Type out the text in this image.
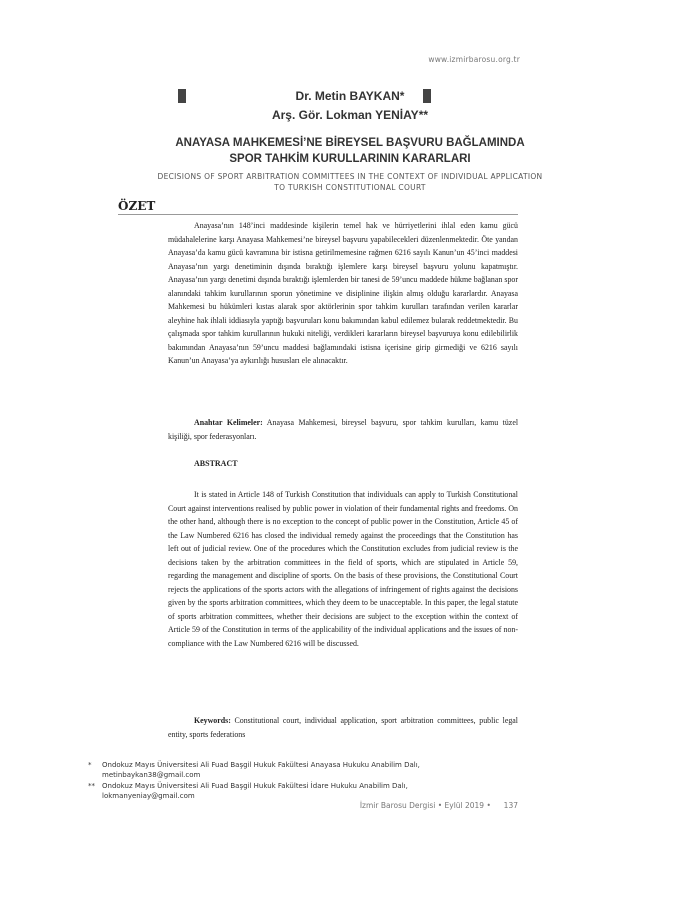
www.izmirbarosu.org.tr
Dr. Metin BAYKAN*
Arş. Gör. Lokman YENİAY**
ANAYASA MAHKEMESİ’NE BİREYSEL BAŞVURU BAĞLAMINDA
SPOR TAHKİM KURULLARININ KARARLARI
DECISIONS OF SPORT ARBITRATION COMMITTEES IN THE CONTEXT OF INDIVIDUAL APPLICATION
TO TURKISH CONSTITUTIONAL COURT
ÖZET

Anayasa’nın 148’inci maddesinde kişilerin temel hak ve hürriyetlerini ihlal eden kamu gücü müdahalelerine karşı Anayasa Mahkemesi’ne bireysel başvuru yapabilecekleri düzenlenmektedir. Öte yandan Anayasa’da kamu gücü kavramına bir istisna getirilmemesine rağmen 6216 sayılı Kanun’un 45’inci maddesi Anayasa’nın yargı denetiminin dışında bıraktığı işlemlere karşı bireysel başvuru yolunu kapatmıştır. Anayasa’nın yargı denetimi dışında bıraktığı işlemlerden bir tanesi de 59’uncu maddede hükme bağlanan spor alanındaki tahkim kurullarının sporun yönetimine ve disiplinine ilişkin almış olduğu kararlardır. Anayasa Mahkemesi bu hükümleri kıstas alarak spor aktörlerinin spor tahkim kurulları tarafından verilen kararlar aleyhine hak ihlali iddiasıyla yaptığı başvuruları konu bakımından kabul edilemez bularak reddetmektedir. Bu çalışmada spor tahkim kurullarının hukuki niteliği, verdikleri kararların bireysel başvuruya konu edilebilirlik bakımından Anayasa’nın 59’uncu maddesi bağlamındaki istisna içerisine girip girmediği ve 6216 sayılı Kanun’un Anayasa’ya aykırılığı hususları ele alınacaktır.

Anahtar Kelimeler: Anayasa Mahkemesi, bireysel başvuru, spor tahkim kurulları, kamu tüzel kişiliği, spor federasyonları.

ABSTRACT

It is stated in Article 148 of Turkish Constitution that individuals can apply to Turkish Constitutional Court against interventions realised by public power in violation of their fundamental rights and freedoms. On the other hand, although there is no exception to the concept of public power in the Constitution, Article 45 of the Law Numbered 6216 has closed the individual remedy against the proceedings that the Constitution has left out of judicial review. One of the procedures which the Constitution excludes from judicial review is the decisions taken by the arbitration committees in the field of sports, which are stipulated in Article 59, regarding the management and discipline of sports. On the basis of these provisions, the Constitutional Court rejects the applications of the sports actors with the allegations of infringement of rights against the decisions given by the sports arbitration committees, which they deem to be unacceptable. In this paper, the legal statute of sports arbitration committees, whether their decisions are subject to the exception within the context of Article 59 of the Constitution in terms of the applicability of the individual applications and the issues of non-compliance with the Law Numbered 6216 will be discussed.

Keywords: Constitutional court, individual application, sport arbitration committees, public legal entity, sports federations

* Ondokuz Mayıs Üniversitesi Ali Fuad Başgil Hukuk Fakültesi Anayasa Hukuku Anabilim Dalı,
metinbaykan38@gmail.com
** Ondokuz Mayıs Üniversitesi Ali Fuad Başgil Hukuk Fakültesi İdare Hukuku Anabilim Dalı,
lokmanyeniay@gmail.com
İzmir Barosu Dergisi • Eylül 2019 • 137
